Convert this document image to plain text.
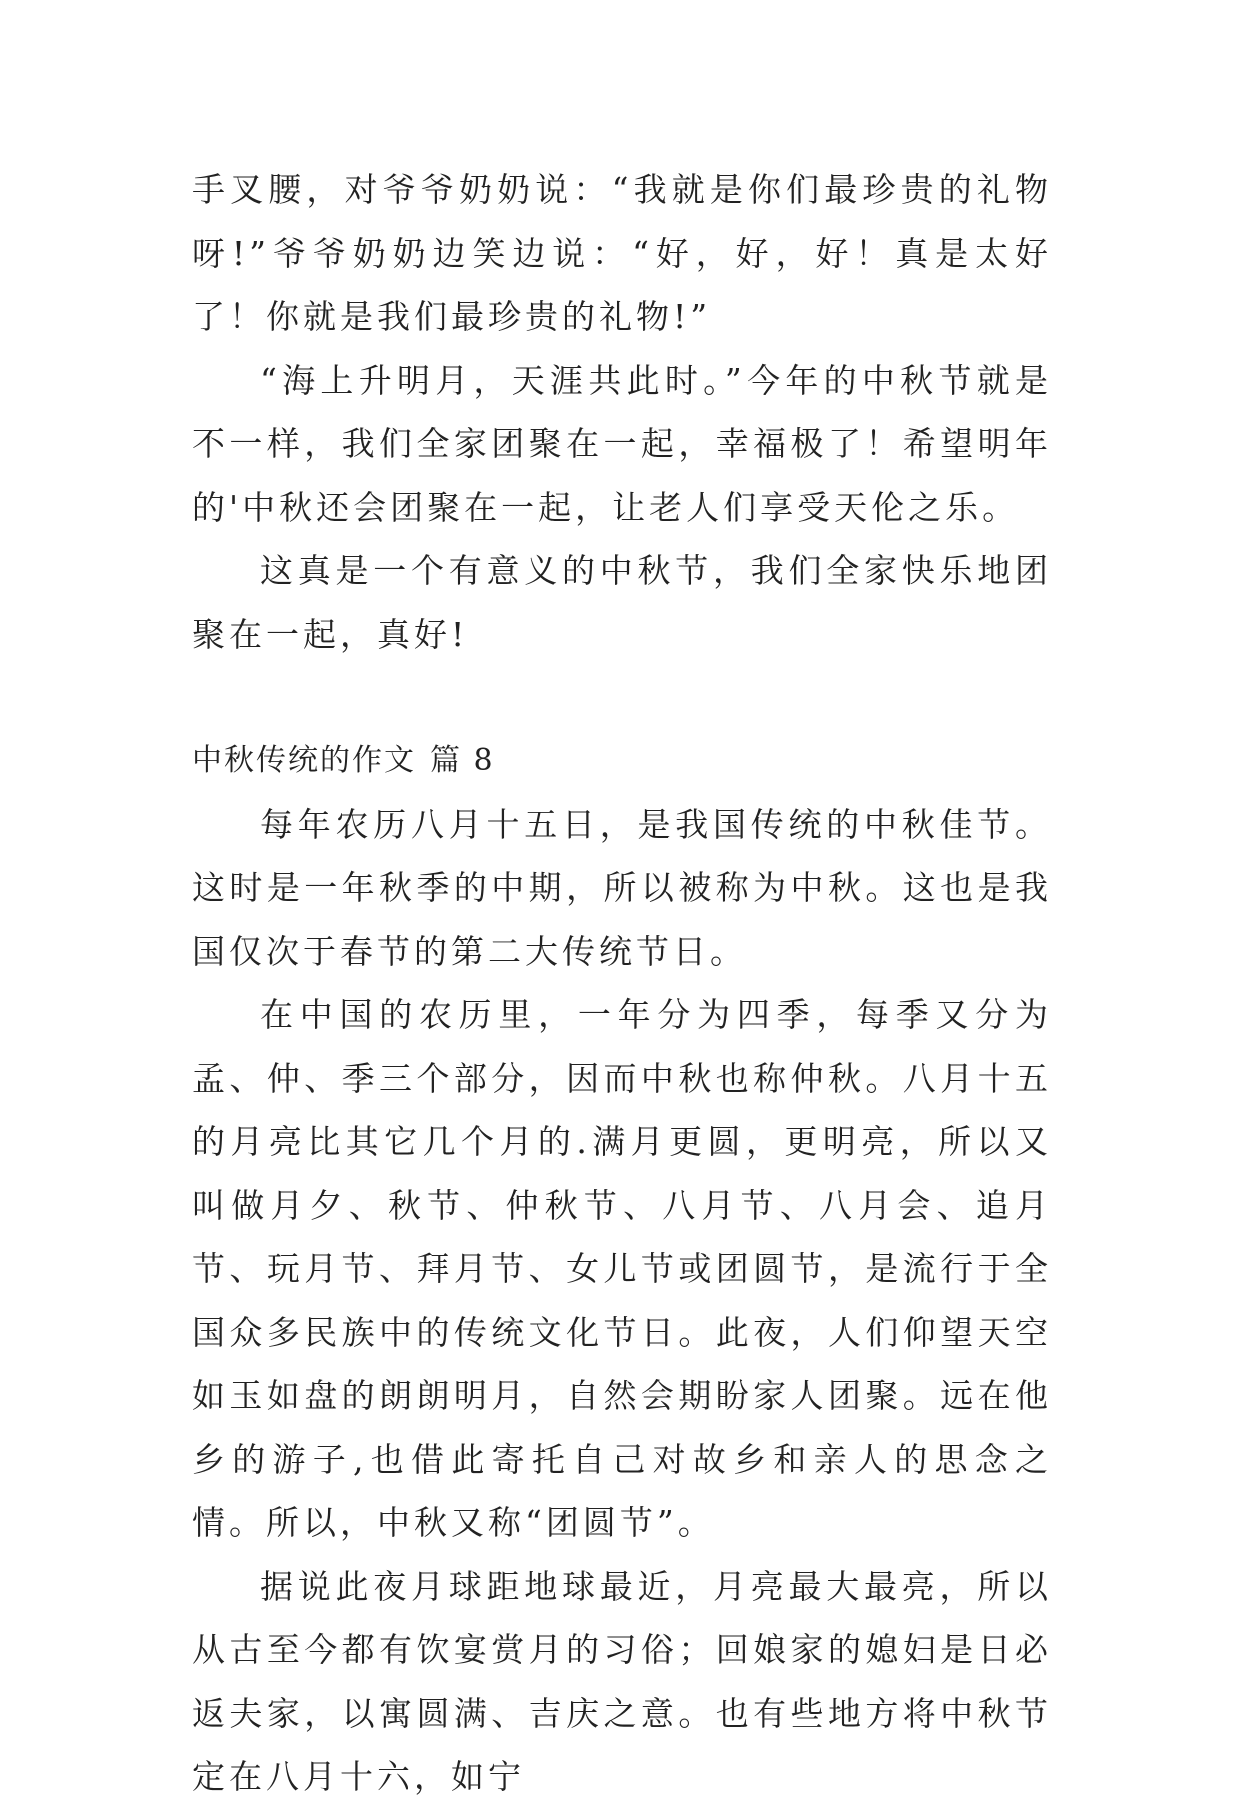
手叉腰，对爷爷奶奶说：“我就是你们最珍贵的礼物呀!”爷爷奶奶边笑边说：“好，好，好！真是太好了！你就是我们最珍贵的礼物!”

“海上升明月，天涯共此时。”今年的中秋节就是不一样，我们全家团聚在一起，幸福极了！希望明年的'中秋还会团聚在一起，让老人们享受天伦之乐。

这真是一个有意义的中秋节，我们全家快乐地团聚在一起，真好!

中秋传统的作文 篇 8

每年农历八月十五日，是我国传统的中秋佳节。这时是一年秋季的中期，所以被称为中秋。这也是我国仅次于春节的第二大传统节日。

在中国的农历里，一年分为四季，每季又分为孟、仲、季三个部分，因而中秋也称仲秋。八月十五的月亮比其它几个月的.满月更圆，更明亮，所以又叫做月夕、秋节、仲秋节、八月节、八月会、追月节、玩月节、拜月节、女儿节或团圆节，是流行于全国众多民族中的传统文化节日。此夜，人们仰望天空如玉如盘的朗朗明月，自然会期盼家人团聚。远在他乡的游子,也借此寄托自己对故乡和亲人的思念之情。所以，中秋又称“团圆节”。

据说此夜月球距地球最近，月亮最大最亮，所以从古至今都有饮宴赏月的习俗；回娘家的媳妇是日必返夫家，以寓圆满、吉庆之意。也有些地方将中秋节定在八月十六，如宁
